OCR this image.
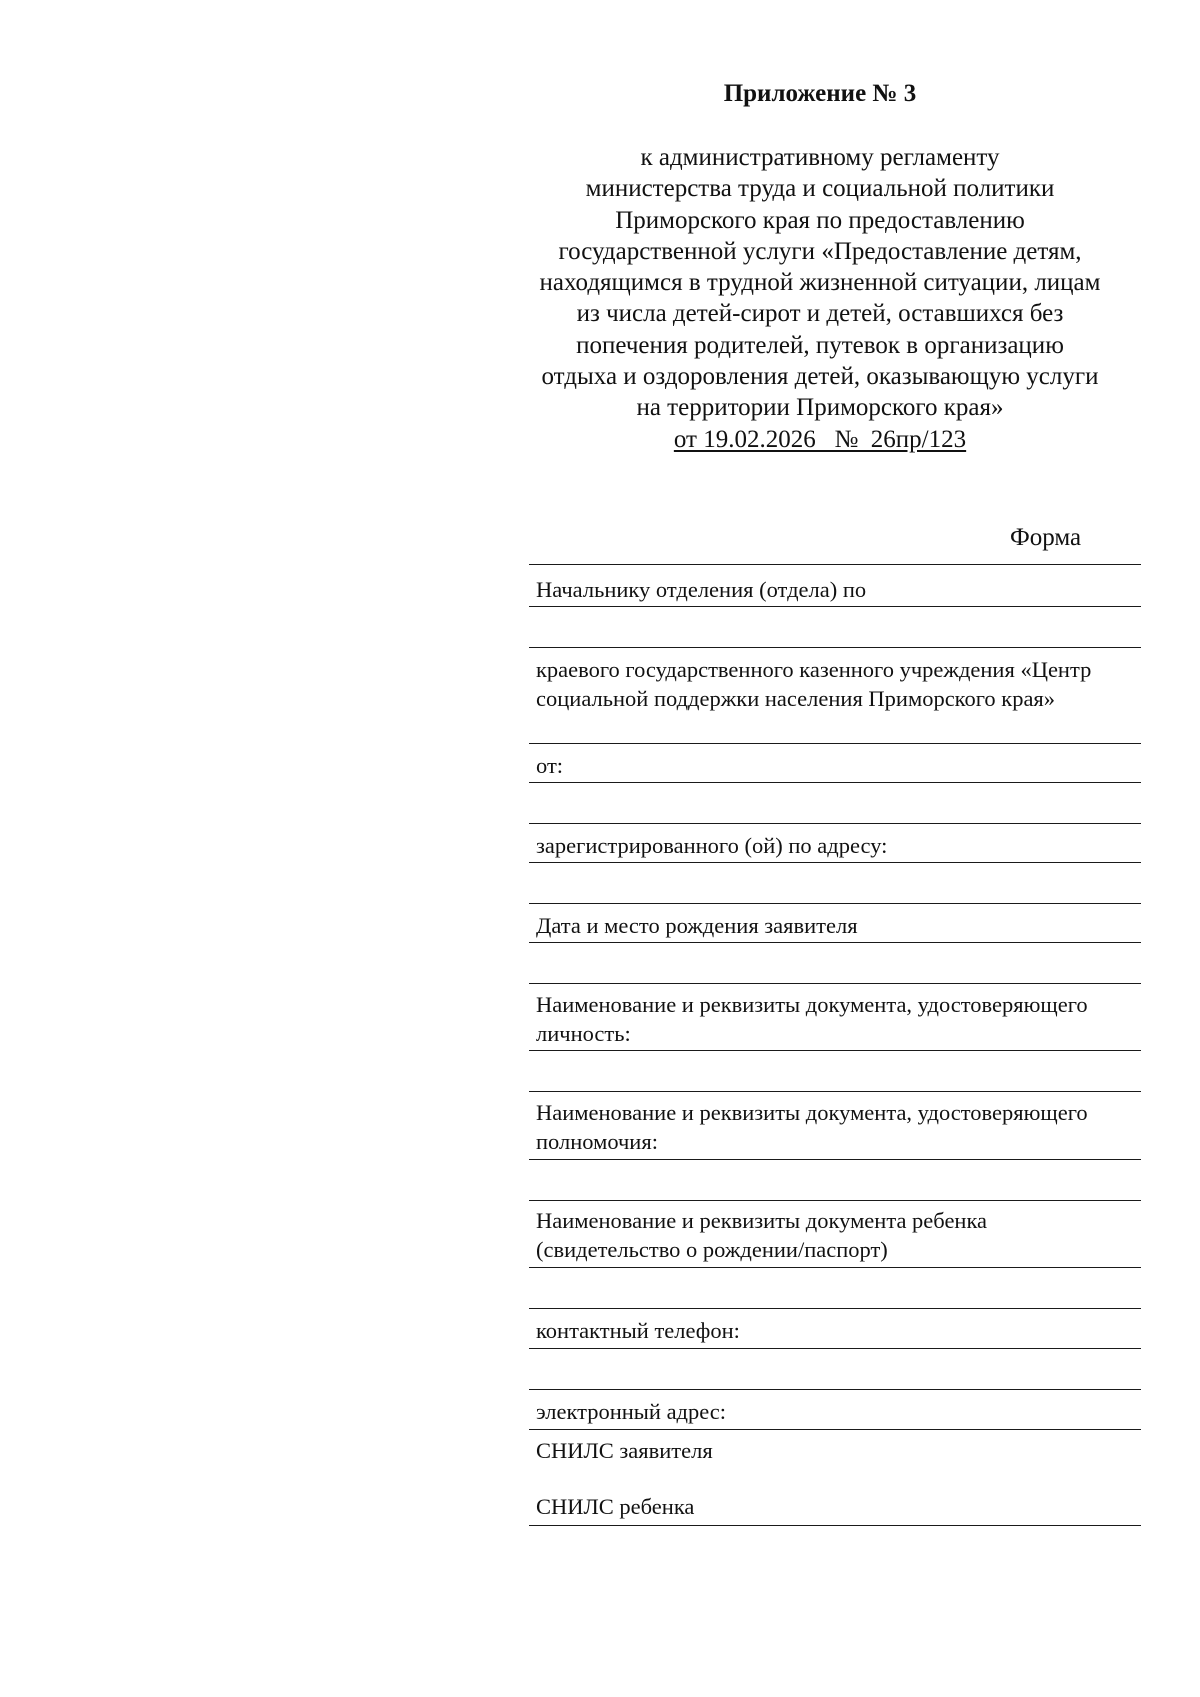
Приложение № 3
к административному регламенту
министерства труда и социальной политики
Приморского края по предоставлению
государственной услуги «Предоставление детям,
находящимся в трудной жизненной ситуации, лицам
из числа детей-сирот и детей, оставшихся без
попечения родителей, путевок в организацию
отдыха и оздоровления детей, оказывающую услуги
на территории Приморского края»
от 19.02.2026   №  26пр/123
Форма
Начальнику отделения (отдела) по
краевого государственного казенного учреждения «Центр
социальной поддержки населения Приморского края»
от:
зарегистрированного (ой) по адресу:
Дата и место рождения заявителя
Наименование и реквизиты документа, удостоверяющего
личность:
Наименование и реквизиты документа, удостоверяющего
полномочия:
Наименование и реквизиты документа ребенка
(свидетельство о рождении/паспорт)
контактный телефон:
электронный адрес:
СНИЛС заявителя
СНИЛС ребенка
